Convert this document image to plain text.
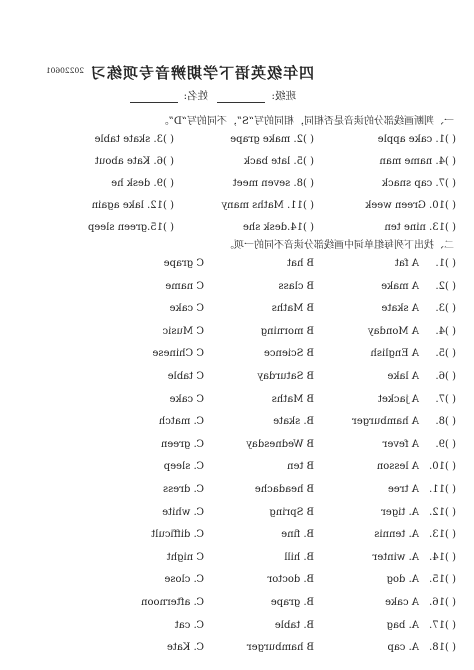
20220601 四年级英语下学期辨音专项练习
班级: 姓名:
一、判断画线部分的读音是否相同，相同的写“S”，不同的写“D”。
( )1. cake apple
( )2. make grape
( )3. skate table
( )4. name man
( )5. late back
( )6. Kate about
( )7. cap snack
( )8. seven meet
( )9. desk he
( )10. Green week
( )11. Maths many
( )12. lake again
( )13. nine ten
( )14.desk she
( )15.green sleep
二、找出下列每组单词中画线部分读音不同的一项。
( )1.
A fat
B hat
C grape
( )2.
A make
B class
C name
( )3.
A skate
B Maths
C cake
( )4.
A Monday
B morning
C Music
( )5.
A English
B Science
C Chinese
( )6.
A lake
B Saturday
C table
( )7.
A jacket
B Maths
C cake
( )8.
A hamburger
B. skate
C. match
( )9.
A fever
B Wednesday
C. green
( )10.
A lesson
B ten
C. sleep
( )11.
A tree
B headache
C. dress
( )12.
A. tiger
B Spring
C. white
( )13.
A. tennis
B. fine
C. difficult
( )14.
A. winter
B. hill
C night
( )15.
A. dog
B. doctor
C. close
( )16.
A cake
B. grape
C. afternoon
( )17.
A. bag
B. table
C. cat
( )18.
A. cap
B hamburger
C. Kate
